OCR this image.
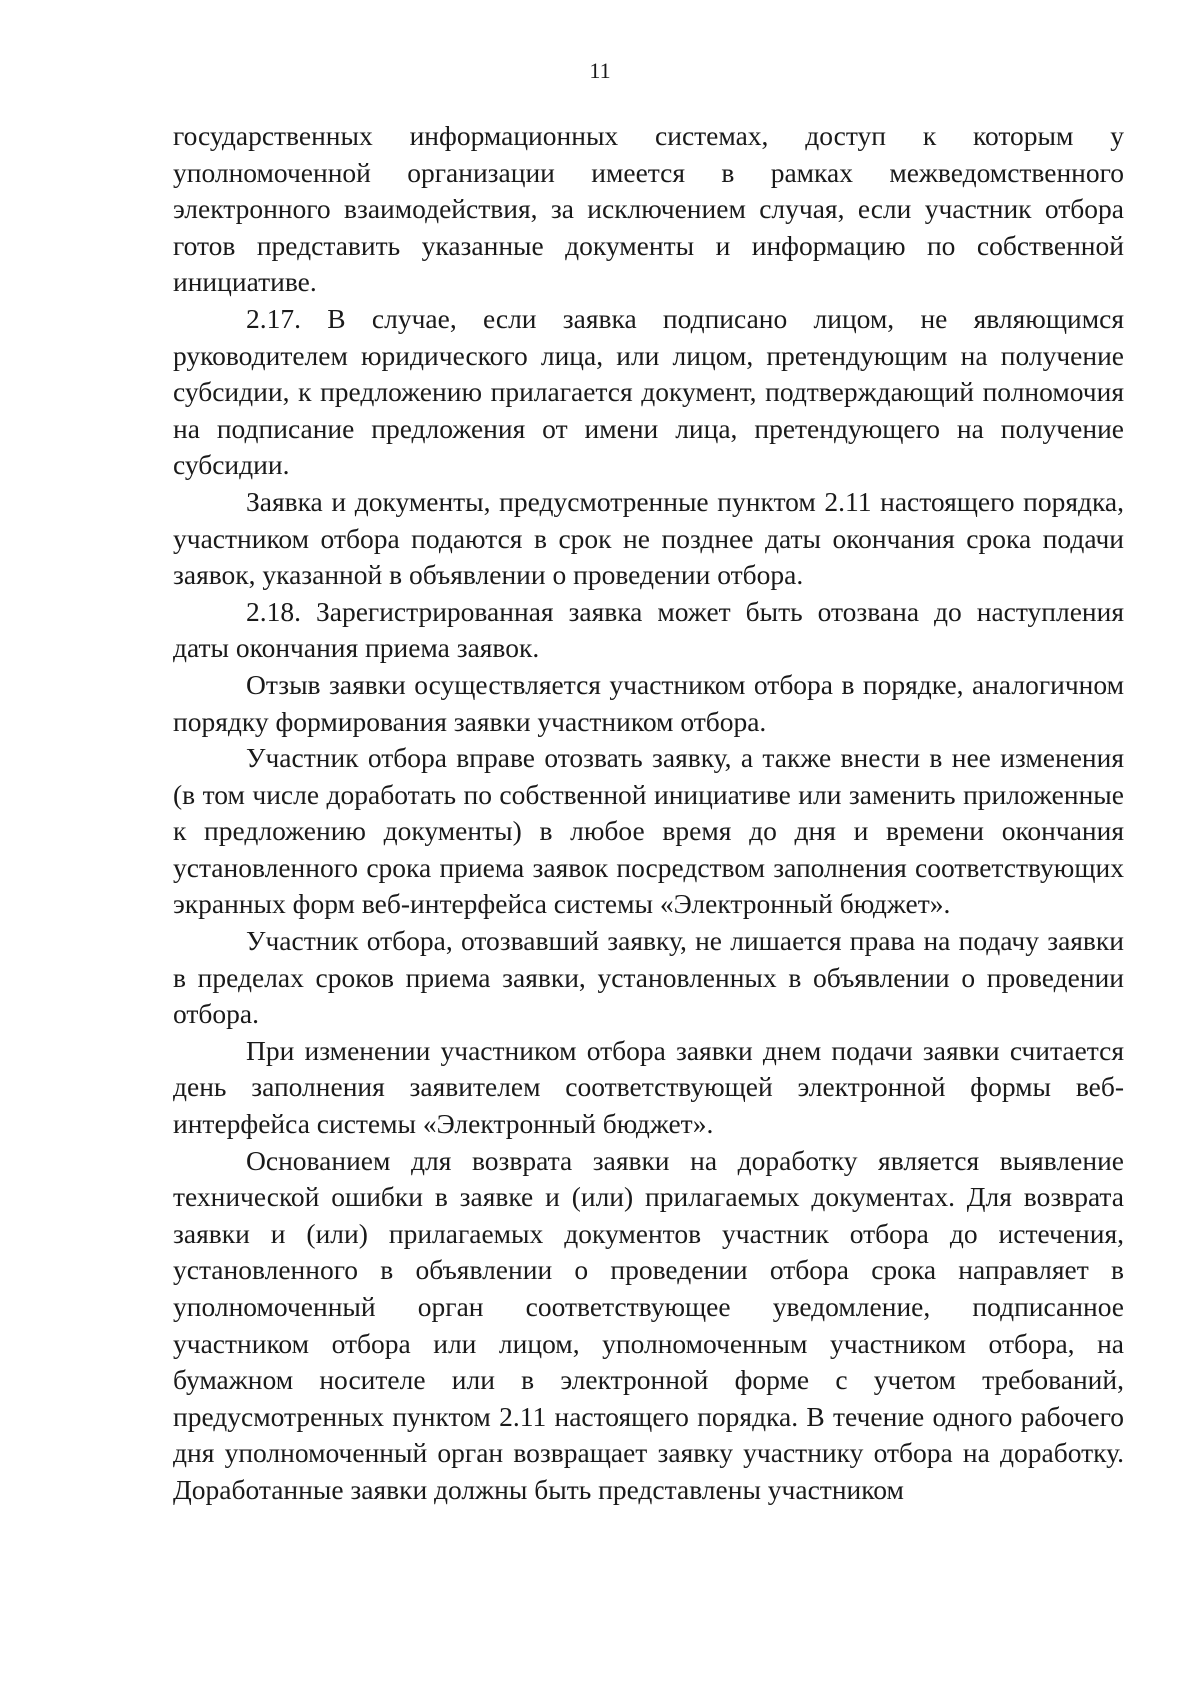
11

государственных информационных системах, доступ к которым у уполномоченной организации имеется в рамках межведомственного электронного взаимодействия, за исключением случая, если участник отбора готов представить указанные документы и информацию по собственной инициативе.

2.17. В случае, если заявка подписано лицом, не являющимся руководителем юридического лица, или лицом, претендующим на получение субсидии, к предложению прилагается документ, подтверждающий полномочия на подписание предложения от имени лица, претендующего на получение субсидии.

Заявка и документы, предусмотренные пунктом 2.11 настоящего порядка, участником отбора подаются в срок не позднее даты окончания срока подачи заявок, указанной в объявлении о проведении отбора.

2.18. Зарегистрированная заявка может быть отозвана до наступления даты окончания приема заявок.

Отзыв заявки осуществляется участником отбора в порядке, аналогичном порядку формирования заявки участником отбора.

Участник отбора вправе отозвать заявку, а также внести в нее изменения (в том числе доработать по собственной инициативе или заменить приложенные к предложению документы) в любое время до дня и времени окончания установленного срока приема заявок посредством заполнения соответствующих экранных форм веб-интерфейса системы «Электронный бюджет».

Участник отбора, отозвавший заявку, не лишается права на подачу заявки в пределах сроков приема заявки, установленных в объявлении о проведении отбора.

При изменении участником отбора заявки днем подачи заявки считается день заполнения заявителем соответствующей электронной формы веб-интерфейса системы «Электронный бюджет».

Основанием для возврата заявки на доработку является выявление технической ошибки в заявке и (или) прилагаемых документах. Для возврата заявки и (или) прилагаемых документов участник отбора до истечения, установленного в объявлении о проведении отбора срока направляет в уполномоченный орган соответствующее уведомление, подписанное участником отбора или лицом, уполномоченным участником отбора, на бумажном носителе или в электронной форме с учетом требований, предусмотренных пунктом 2.11 настоящего порядка. В течение одного рабочего дня уполномоченный орган возвращает заявку участнику отбора на доработку. Доработанные заявки должны быть представлены участником
